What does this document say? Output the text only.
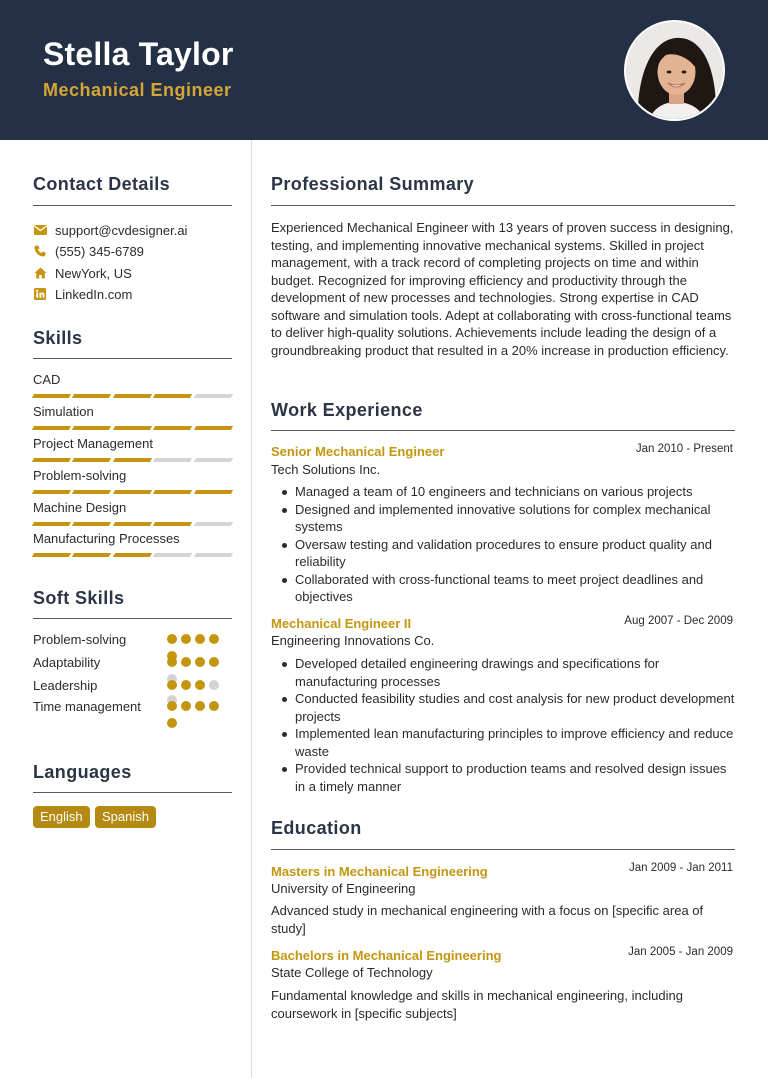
Stella Taylor
Mechanical Engineer
Contact Details
support@cvdesigner.ai
(555) 345-6789
NewYork, US
LinkedIn.com
Skills
CAD
Simulation
Project Management
Problem-solving
Machine Design
Manufacturing Processes
Soft Skills
Problem-solving
Adaptability
Leadership
Time management
Languages
English	Spanish
Professional Summary
Experienced Mechanical Engineer with 13 years of proven success in designing, testing, and implementing innovative mechanical systems. Skilled in project management, with a track record of completing projects on time and within budget. Recognized for improving efficiency and productivity through the development of new processes and technologies. Strong expertise in CAD software and simulation tools. Adept at collaborating with cross-functional teams to deliver high-quality solutions. Achievements include leading the design of a groundbreaking product that resulted in a 20% increase in production efficiency.
Work Experience
Senior Mechanical Engineer	Jan 2010 - Present
Tech Solutions Inc.
Managed a team of 10 engineers and technicians on various projects
Designed and implemented innovative solutions for complex mechanical systems
Oversaw testing and validation procedures to ensure product quality and reliability
Collaborated with cross-functional teams to meet project deadlines and objectives
Mechanical Engineer II	Aug 2007 - Dec 2009
Engineering Innovations Co.
Developed detailed engineering drawings and specifications for manufacturing processes
Conducted feasibility studies and cost analysis for new product development projects
Implemented lean manufacturing principles to improve efficiency and reduce waste
Provided technical support to production teams and resolved design issues in a timely manner
Education
Masters in Mechanical Engineering	Jan 2009 - Jan 2011
University of Engineering
Advanced study in mechanical engineering with a focus on [specific area of study]
Bachelors in Mechanical Engineering	Jan 2005 - Jan 2009
State College of Technology
Fundamental knowledge and skills in mechanical engineering, including coursework in [specific subjects]
